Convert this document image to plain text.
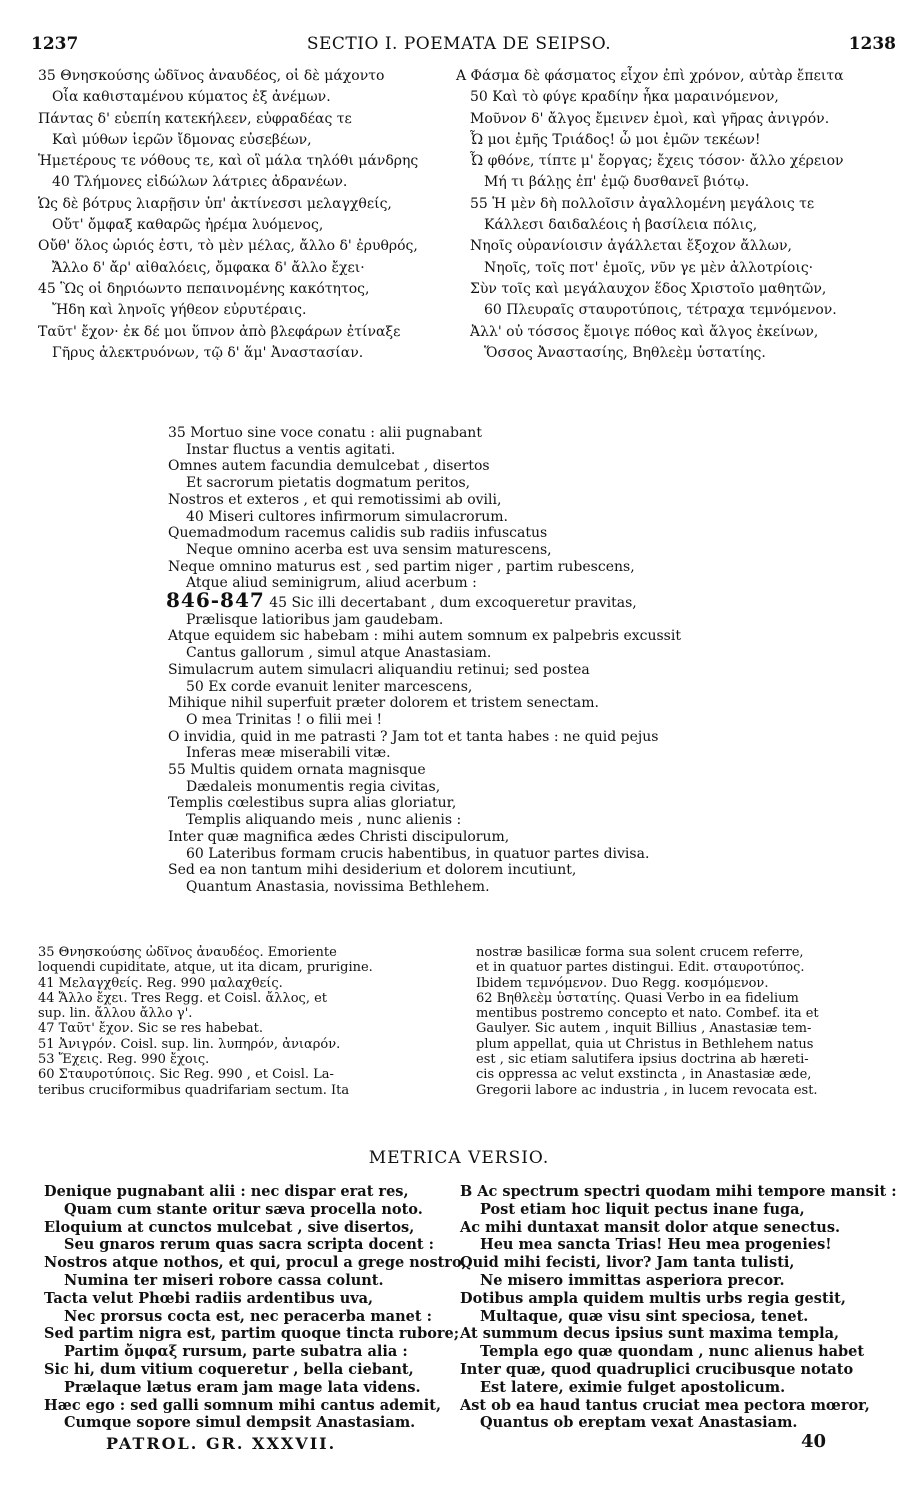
1237	SECTIO I. POEMATA DE SEIPSO.	1238
35 Θνησκούσης ὠδῖνος ἀναυδέος, οἱ δὲ μάχοντο
Οἷα καθισταμένου κύματος ἐξ ἀνέμων.
Πάντας δ' εὐεπίη κατεκήλεεν, εὐφραδέας τε
Καὶ μύθων ἱερῶν ἴδμονας εὐσεβέων,
Ἡμετέρους τε νόθους τε, καὶ οἳ μάλα τηλόθι μάνδρης
40 Τλήμονες εἰδώλων λάτριες ἀδρανέων.
Ὡς δὲ βότρυς λιαρῇσιν ὑπ' ἀκτίνεσσι μελαγχθείς,
Οὔτ' ὄμφαξ καθαρῶς ἠρέμα λυόμενος,
Οὔθ' ὅλος ὡριός ἐστι, τὸ μὲν μέλας, ἄλλο δ' ἐρυθρός,
Ἄλλο δ' ἄρ' αἰθαλόεις, ὄμφακα δ' ἄλλο ἔχει·
45 Ὣς οἱ δηριόωντο πεπαινομένης κακότητος,
Ἤδη καὶ ληνοῖς γήθεον εὐρυτέραις.
Ταῦτ' ἔχον· ἐκ δέ μοι ὕπνον ἀπὸ βλεφάρων ἐτίναξε
Γῆρυς ἀλεκτρυόνων, τῷ δ' ἅμ' Ἀναστασίαν.
A Φάσμα δὲ φάσματος εἶχον ἐπὶ χρόνον, αὐτὰρ ἔπειτα
50 Καὶ τὸ φύγε κραδίην ἧκα μαραινόμενον,
Μοῦνον δ' ἄλγος ἔμεινεν ἐμοὶ, καὶ γῆρας ἀνιγρόν.
Ὦ μοι ἐμῆς Τριάδος! ὦ μοι ἐμῶν τεκέων!
Ὦ φθόνε, τίπτε μ' ἔοργας; ἔχεις τόσον· ἄλλο χέρειον
Μή τι βάλῃς ἐπ' ἐμῷ δυσθανεῖ βιότῳ.
55 Ἡ μὲν δὴ πολλοῖσιν ἀγαλλομένη μεγάλοις τε
Κάλλεσι δαιδαλέοις ἡ βασίλεια πόλις,
Νηοῖς οὐρανίοισιν ἀγάλλεται ἔξοχον ἄλλων,
Νηοῖς, τοῖς ποτ' ἐμοῖς, νῦν γε μὲν ἀλλοτρίοις·
Σὺν τοῖς καὶ μεγάλαυχον ἕδος Χριστοῖο μαθητῶν,
60 Πλευραῖς σταυροτύποις, τέτραχα τεμνόμενον.
Ἀλλ' οὐ τόσσος ἔμοιγε πόθος καὶ ἄλγος ἐκείνων,
Ὅσσος Ἀναστασίης, Βηθλεὲμ ὑστατίης.
35 Mortuo sine voce conatu : alii pugnabant
Instar fluctus a ventis agitati.
Omnes autem facundia demulcebat , disertos
Et sacrorum pietatis dogmatum peritos,
Nostros et exteros , et qui remotissimi ab ovili,
40 Miseri cultores infirmorum simulacrorum.
Quemadmodum racemus calidis sub radiis infuscatus
Neque omnino acerba est uva sensim maturescens,
Neque omnino maturus est , sed partim niger , partim rubescens,
Atque aliud seminigrum, aliud acerbum :
846-847 45 Sic illi decertabant , dum excoqueretur pravitas,
Prælisque latioribus jam gaudebam.
Atque equidem sic habebam : mihi autem somnum ex palpebris excussit
Cantus gallorum , simul atque Anastasiam.
Simulacrum autem simulacri aliquandiu retinui; sed postea
50 Ex corde evanuit leniter marcescens,
Mihique nihil superfuit præter dolorem et tristem senectam.
O mea Trinitas ! o filii mei !
O invidia, quid in me patrasti ? Jam tot et tanta habes : ne quid pejus
Inferas meæ miserabili vitæ.
55 Multis quidem ornata magnisque
Dædaleis monumentis regia civitas,
Templis cœlestibus supra alias gloriatur,
Templis aliquando meis , nunc alienis :
Inter quæ magnifica ædes Christi discipulorum,
60 Lateribus formam crucis habentibus, in quatuor partes divisa.
Sed ea non tantum mihi desiderium et dolorem incutiunt,
Quantum Anastasia, novissima Bethlehem.
35 Θνησκούσης ὠδῖνος ἀναυδέος. Emoriente
loquendi cupiditate, atque, ut ita dicam, prurigine.
41 Μελαγχθείς. Reg. 990 μαλαχθείς.
44 Ἄλλο ἔχει. Tres Regg. et Coisl. ἄλλος, et
sup. lin. ἄλλου ἄλλο γ'.
47 Ταῦτ' ἔχον. Sic se res habebat.
51 Ἀνιγρόν. Coisl. sup. lin. λυπηρόν, ἀνιαρόν.
53 Ἔχεις. Reg. 990 ἔχοις.
60 Σταυροτύποις. Sic Reg. 990 , et Coisl. La-
teribus cruciformibus quadrifariam sectum. Ita
nostræ basilicæ forma sua solent crucem referre,
et in quatuor partes distingui. Edit. σταυροτύπος.
Ibidem τεμνόμενον. Duo Regg. κοσμόμενον.
62 Βηθλεὲμ ὑστατίης. Quasi Verbo in ea fidelium
mentibus postremo concepto et nato. Combef. ita et
Gaulyer. Sic autem , inquit Billius , Anastasiæ tem-
plum appellat, quia ut Christus in Bethlehem natus
est , sic etiam salutifera ipsius doctrina ab hæreti-
cis oppressa ac velut exstincta , in Anastasiæ æde,
Gregorii labore ac industria , in lucem revocata est.
METRICA VERSIO.
Denique pugnabant alii : nec dispar erat res,
Quam cum stante oritur sæva procella noto.
Eloquium at cunctos mulcebat , sive disertos,
Seu gnaros rerum quas sacra scripta docent :
Nostros atque nothos, et qui, procul a grege nostro,
Numina ter miseri robore cassa colunt.
Tacta velut Phœbi radiis ardentibus uva,
Nec prorsus cocta est, nec peracerba manet :
Sed partim nigra est, partim quoque tincta rubore;
Partim ὄμφαξ rursum, parte subatra alia :
Sic hi, dum vitium coqueretur , bella ciebant,
Prælaque lætus eram jam mage lata videns.
Hæc ego : sed galli somnum mihi cantus ademit,
Cumque sopore simul dempsit Anastasiam.
B Ac spectrum spectri quodam mihi tempore mansit :
Post etiam hoc liquit pectus inane fuga,
Ac mihi duntaxat mansit dolor atque senectus.
Heu mea sancta Trias! Heu mea progenies!
Quid mihi fecisti, livor? Jam tanta tulisti,
Ne misero immittas asperiora precor.
Dotibus ampla quidem multis urbs regia gestit,
Multaque, quæ visu sint speciosa, tenet.
At summum decus ipsius sunt maxima templa,
Templa ego quæ quondam , nunc alienus habet
Inter quæ, quod quadruplici crucibusque notato
Est latere, eximie fulget apostolicum.
Ast ob ea haud tantus cruciat mea pectora mœror,
Quantus ob ereptam vexat Anastasiam.
PATROL. GR. XXXVII.	40
